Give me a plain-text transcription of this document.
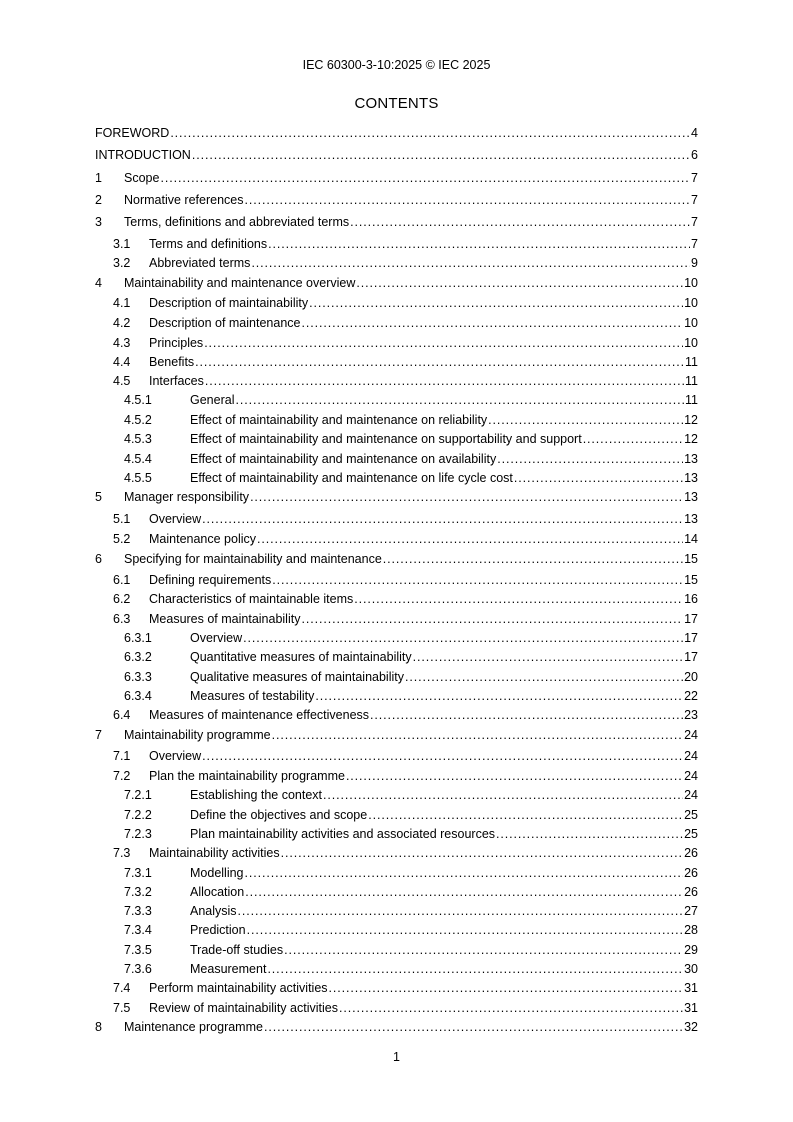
IEC 60300-3-10:2025 © IEC 2025
CONTENTS
FOREWORD .....	4
INTRODUCTION .....	6
1	Scope .....	7
2	Normative references .....	7
3	Terms, definitions and abbreviated terms .....	7
3.1	Terms and definitions .....	7
3.2	Abbreviated terms .....	9
4	Maintainability and maintenance overview .....	10
4.1	Description of maintainability .....	10
4.2	Description of maintenance .....	10
4.3	Principles .....	10
4.4	Benefits .....	11
4.5	Interfaces .....	11
4.5.1	General .....	11
4.5.2	Effect of maintainability and maintenance on reliability .....	12
4.5.3	Effect of maintainability and maintenance on supportability and support .....	12
4.5.4	Effect of maintainability and maintenance on availability .....	13
4.5.5	Effect of maintainability and maintenance on life cycle cost .....	13
5	Manager responsibility .....	13
5.1	Overview .....	13
5.2	Maintenance policy .....	14
6	Specifying for maintainability and maintenance .....	15
6.1	Defining requirements .....	15
6.2	Characteristics of maintainable items .....	16
6.3	Measures of maintainability .....	17
6.3.1	Overview .....	17
6.3.2	Quantitative measures of maintainability .....	17
6.3.3	Qualitative measures of maintainability .....	20
6.3.4	Measures of testability .....	22
6.4	Measures of maintenance effectiveness .....	23
7	Maintainability programme .....	24
7.1	Overview .....	24
7.2	Plan the maintainability programme .....	24
7.2.1	Establishing the context .....	24
7.2.2	Define the objectives and scope .....	25
7.2.3	Plan maintainability activities and associated resources .....	25
7.3	Maintainability activities .....	26
7.3.1	Modelling .....	26
7.3.2	Allocation .....	26
7.3.3	Analysis .....	27
7.3.4	Prediction .....	28
7.3.5	Trade-off studies .....	29
7.3.6	Measurement .....	30
7.4	Perform maintainability activities .....	31
7.5	Review of maintainability activities .....	31
8	Maintenance programme .....	32
1
